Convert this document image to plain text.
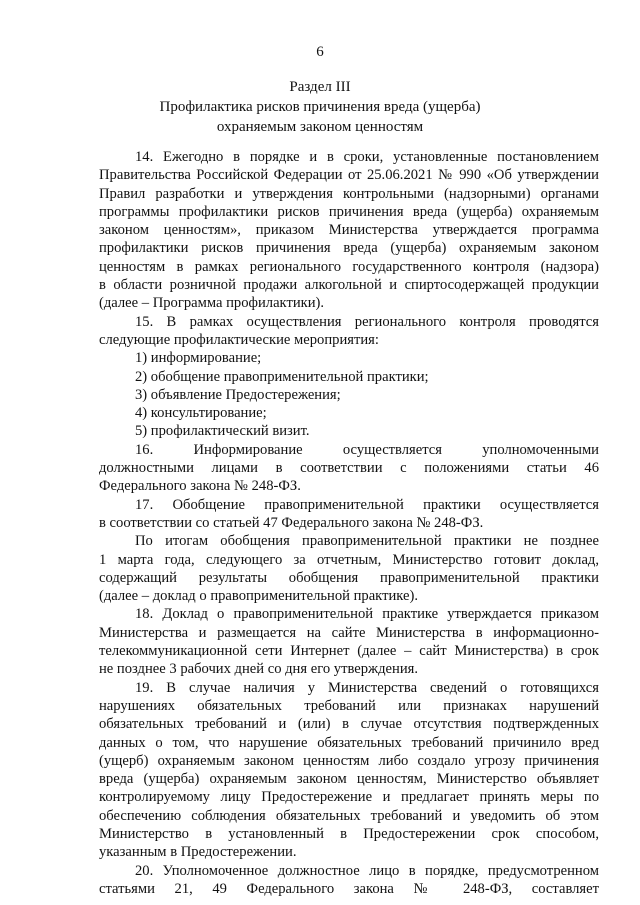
6
Раздел III
Профилактика рисков причинения вреда (ущерба)
охраняемым законом ценностям
14. Ежегодно в порядке и в сроки, установленные постановлением
Правительства Российской Федерации от 25.06.2021 № 990 «Об утверждении
Правил разработки и утверждения контрольными (надзорными) органами
программы профилактики рисков причинения вреда (ущерба) охраняемым
законом ценностям», приказом Министерства утверждается программа
профилактики рисков причинения вреда (ущерба) охраняемым законом
ценностям в рамках регионального государственного контроля (надзора)
в области розничной продажи алкогольной и спиртосодержащей продукции
(далее – Программа профилактики).
15. В рамках осуществления регионального контроля проводятся
следующие профилактические мероприятия:
1) информирование;
2) обобщение правоприменительной практики;
3) объявление Предостережения;
4) консультирование;
5) профилактический визит.
16. Информирование осуществляется уполномоченными
должностными лицами в соответствии с положениями статьи 46
Федерального закона № 248-ФЗ.
17. Обобщение правоприменительной практики осуществляется
в соответствии со статьей 47 Федерального закона № 248-ФЗ.
По итогам обобщения правоприменительной практики не позднее
1 марта года, следующего за отчетным, Министерство готовит доклад,
содержащий результаты обобщения правоприменительной практики
(далее – доклад о правоприменительной практике).
18. Доклад о правоприменительной практике утверждается приказом
Министерства и размещается на сайте Министерства в информационно-
телекоммуникационной сети Интернет (далее – сайт Министерства) в срок
не позднее 3 рабочих дней со дня его утверждения.
19. В случае наличия у Министерства сведений о готовящихся
нарушениях обязательных требований или признаках нарушений
обязательных требований и (или) в случае отсутствия подтвержденных
данных о том, что нарушение обязательных требований причинило вред
(ущерб) охраняемым законом ценностям либо создало угрозу причинения
вреда (ущерба) охраняемым законом ценностям, Министерство объявляет
контролируемому лицу Предостережение и предлагает принять меры по
обеспечению соблюдения обязательных требований и уведомить об этом
Министерство в установленный в Предостережении срок способом,
указанным в Предостережении.
20. Уполномоченное должностное лицо в порядке, предусмотренном
статьями 21, 49 Федерального закона № 248-ФЗ, составляет
